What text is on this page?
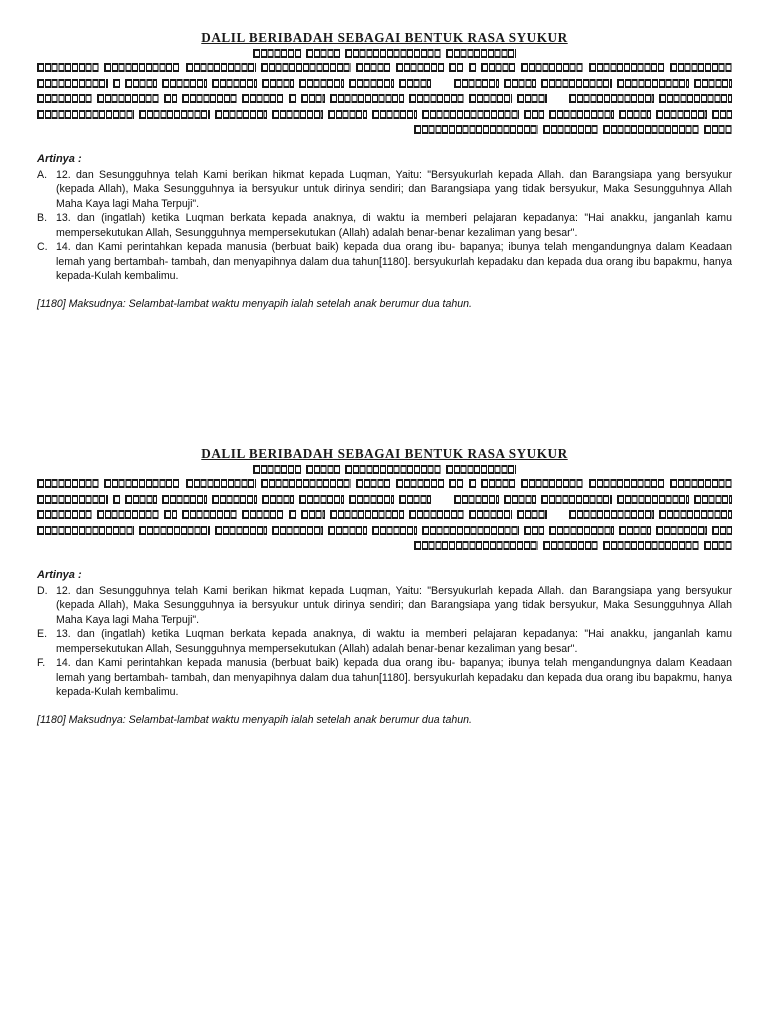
DALIL BERIBADAH SEBAGAI BENTUK RASA SYUKUR
Artinya :
A. 12. dan Sesungguhnya telah Kami berikan hikmat kepada Luqman, Yaitu: "Bersyukurlah kepada Allah. dan Barangsiapa yang bersyukur (kepada Allah), Maka Sesungguhnya ia bersyukur untuk dirinya sendiri; dan Barangsiapa yang tidak bersyukur, Maka Sesungguhnya Allah Maha Kaya lagi Maha Terpuji".
B. 13. dan (ingatlah) ketika Luqman berkata kepada anaknya, di waktu ia memberi pelajaran kepadanya: "Hai anakku, janganlah kamu mempersekutukan Allah, Sesungguhnya mempersekutukan (Allah) adalah benar-benar kezaliman yang besar".
C. 14. dan Kami perintahkan kepada manusia (berbuat baik) kepada dua orang ibu- bapanya; ibunya telah mengandungnya dalam Keadaan lemah yang bertambah- tambah, dan menyapihnya dalam dua tahun[1180]. bersyukurlah kepadaku dan kepada dua orang ibu bapakmu, hanya kepada-Kulah kembalimu.
[1180] Maksudnya: Selambat-lambat waktu menyapih ialah setelah anak berumur dua tahun.
DALIL BERIBADAH SEBAGAI BENTUK RASA SYUKUR
Artinya :
D. 12. dan Sesungguhnya telah Kami berikan hikmat kepada Luqman, Yaitu: "Bersyukurlah kepada Allah. dan Barangsiapa yang bersyukur (kepada Allah), Maka Sesungguhnya ia bersyukur untuk dirinya sendiri; dan Barangsiapa yang tidak bersyukur, Maka Sesungguhnya Allah Maha Kaya lagi Maha Terpuji".
E. 13. dan (ingatlah) ketika Luqman berkata kepada anaknya, di waktu ia memberi pelajaran kepadanya: "Hai anakku, janganlah kamu mempersekutukan Allah, Sesungguhnya mempersekutukan (Allah) adalah benar-benar kezaliman yang besar".
F. 14. dan Kami perintahkan kepada manusia (berbuat baik) kepada dua orang ibu- bapanya; ibunya telah mengandungnya dalam Keadaan lemah yang bertambah- tambah, dan menyapihnya dalam dua tahun[1180]. bersyukurlah kepadaku dan kepada dua orang ibu bapakmu, hanya kepada-Kulah kembalimu.
[1180] Maksudnya: Selambat-lambat waktu menyapih ialah setelah anak berumur dua tahun.
